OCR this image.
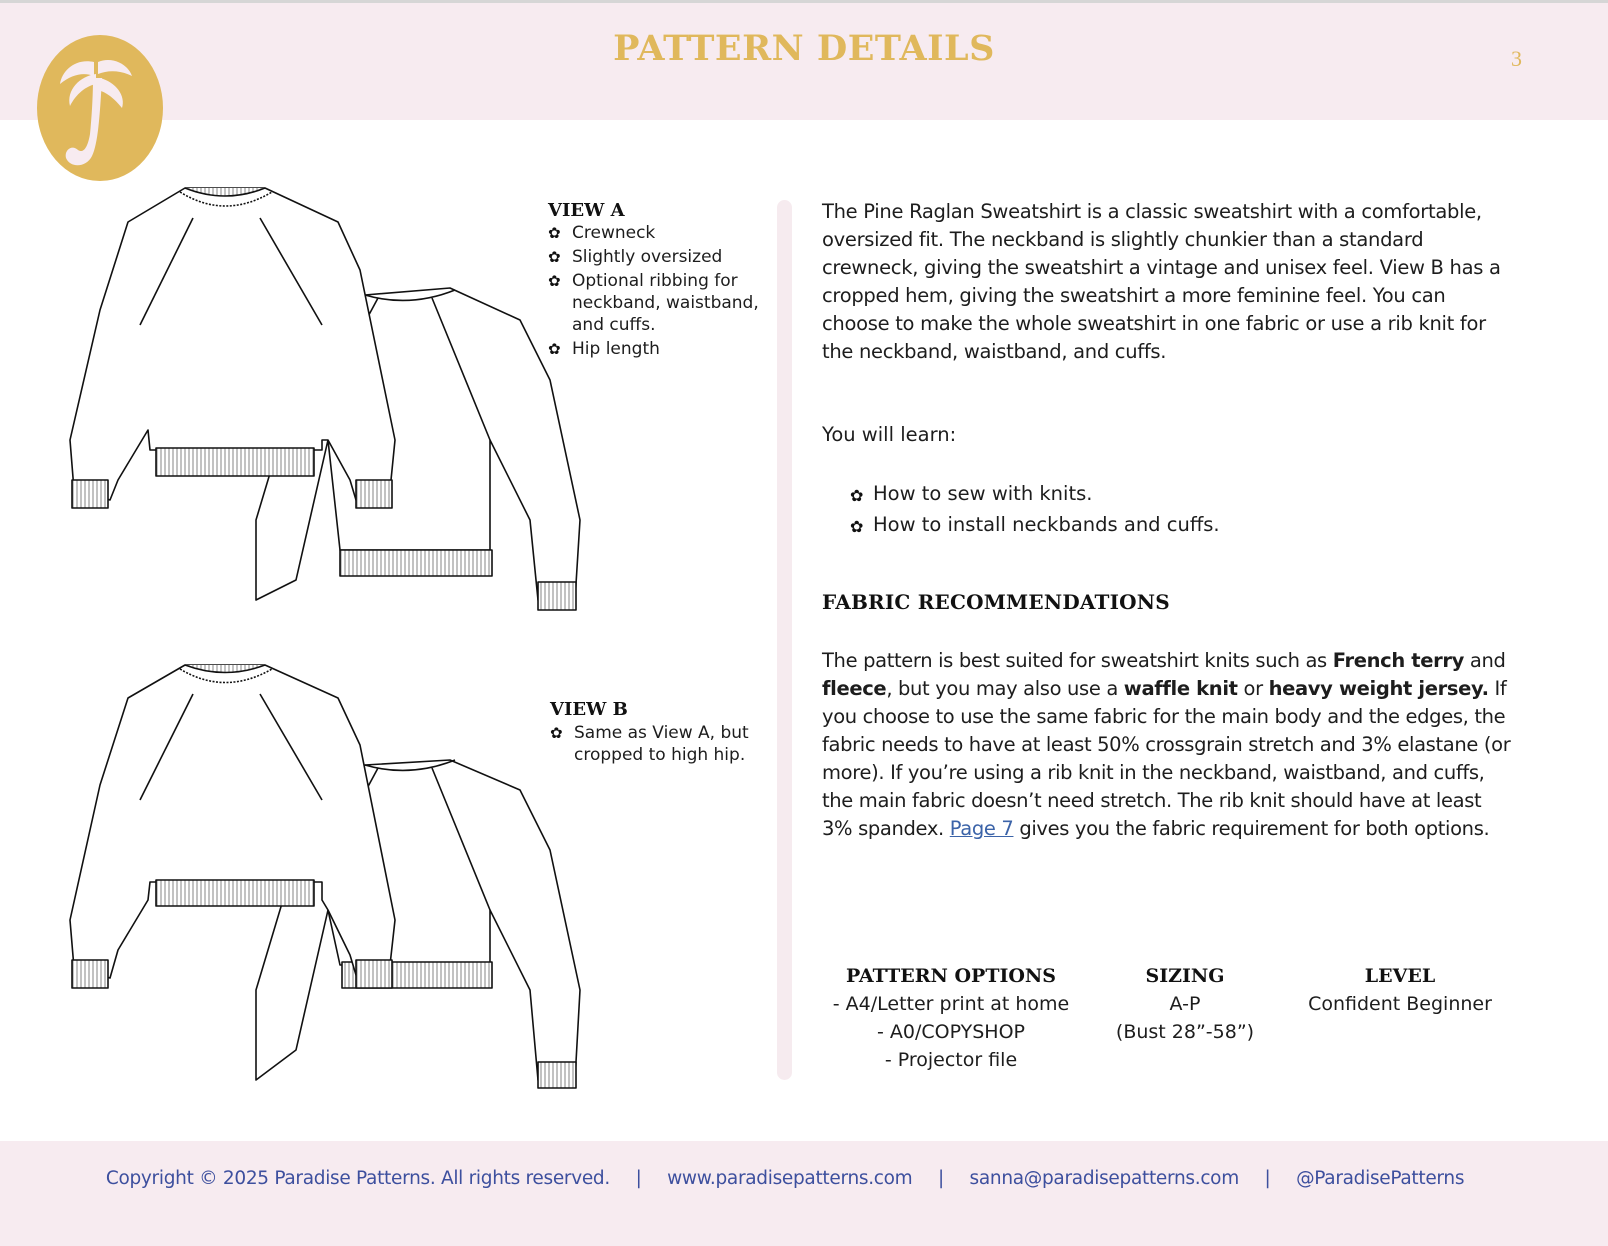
PATTERN DETAILS	3
VIEW A
✿ Crewneck
✿ Slightly oversized
✿ Optional ribbing for neckband, waistband, and cuffs.
✿ Hip length
VIEW B
✿ Same as View A, but cropped to high hip.

The Pine Raglan Sweatshirt is a classic sweatshirt with a comfortable, oversized fit. The neckband is slightly chunkier than a standard crewneck, giving the sweatshirt a vintage and unisex feel. View B has a cropped hem, giving the sweatshirt a more feminine feel. You can choose to make the whole sweatshirt in one fabric or use a rib knit for the neckband, waistband, and cuffs.

You will learn:

✿ How to sew with knits.
✿ How to install neckbands and cuffs.
FABRIC RECOMMENDATIONS

The pattern is best suited for sweatshirt knits such as French terry and fleece, but you may also use a waffle knit or heavy weight jersey. If you choose to use the same fabric for the main body and the edges, the fabric needs to have at least 50% crossgrain stretch and 3% elastane (or more). If you’re using a rib knit in the neckband, waistband, and cuffs, the main fabric doesn’t need stretch. The rib knit should have at least 3% spandex. Page 7 gives you the fabric requirement for both options.

PATTERN OPTIONS
- A4/Letter print at home
- A0/COPYSHOP
- Projector file
SIZING
A-P
(Bust 28”-58”)
LEVEL
Confident Beginner
Copyright © 2025 Paradise Patterns. All rights reserved. | www.paradisepatterns.com | sanna@paradisepatterns.com | @ParadisePatterns
